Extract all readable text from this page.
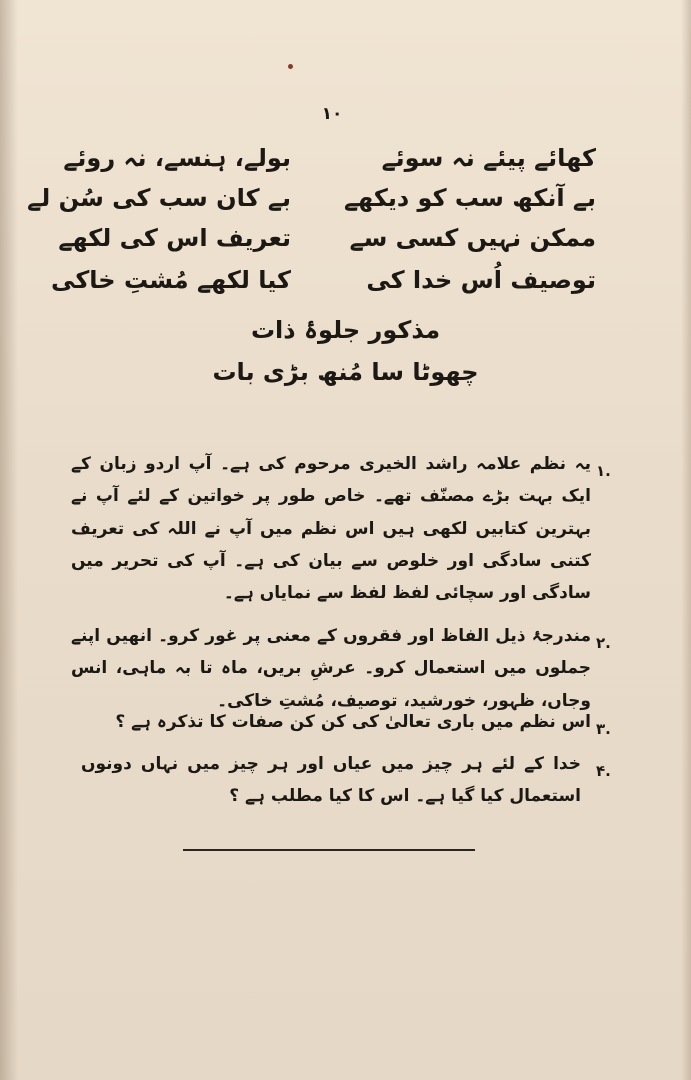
۱۰
کھائے پیئے نہ سوئے
بولے، ہنسے، نہ روئے
بے آنکھ سب کو دیکھے
بے کان سب کی سُن لے
ممکن نہیں کسی سے
تعریف اس کی لکھے
توصیف اُس خدا کی
کیا لکھے مُشتِ خاکی
مذکور جلوۂ ذات
چھوٹا سا مُنھ بڑی بات
۱.
یہ نظم علامہ راشد الخیری مرحوم کی ہے۔ آپ اردو زبان کے ایک بہت بڑے مصنّف تھے۔ خاص طور پر خواتین کے لئے آپ نے بہترین کتابیں لکھی ہیں اس نظم میں آپ نے اللہ کی تعریف کتنی سادگی اور خلوص سے بیان کی ہے۔ آپ کی تحریر میں سادگی اور سچائی لفظ لفظ سے نمایاں ہے۔
۲.
مندرجۂ ذیل الفاظ اور فقروں کے معنی پر غور کرو۔ انھیں اپنے جملوں میں استعمال کرو۔ عرشِ بریں، ماہ تا بہ ماہی، انس وجاں، ظہور، خورشید، توصیف، مُشتِ خاکی۔
۳.
اس نظم میں باری تعالیٰ کی کن کن صفات کا تذکرہ ہے ؟
۴.
خدا کے لئے ہر چیز میں عیاں اور ہر چیز میں نہاں دونوں استعمال کیا گیا ہے۔ اس کا کیا مطلب ہے ؟
